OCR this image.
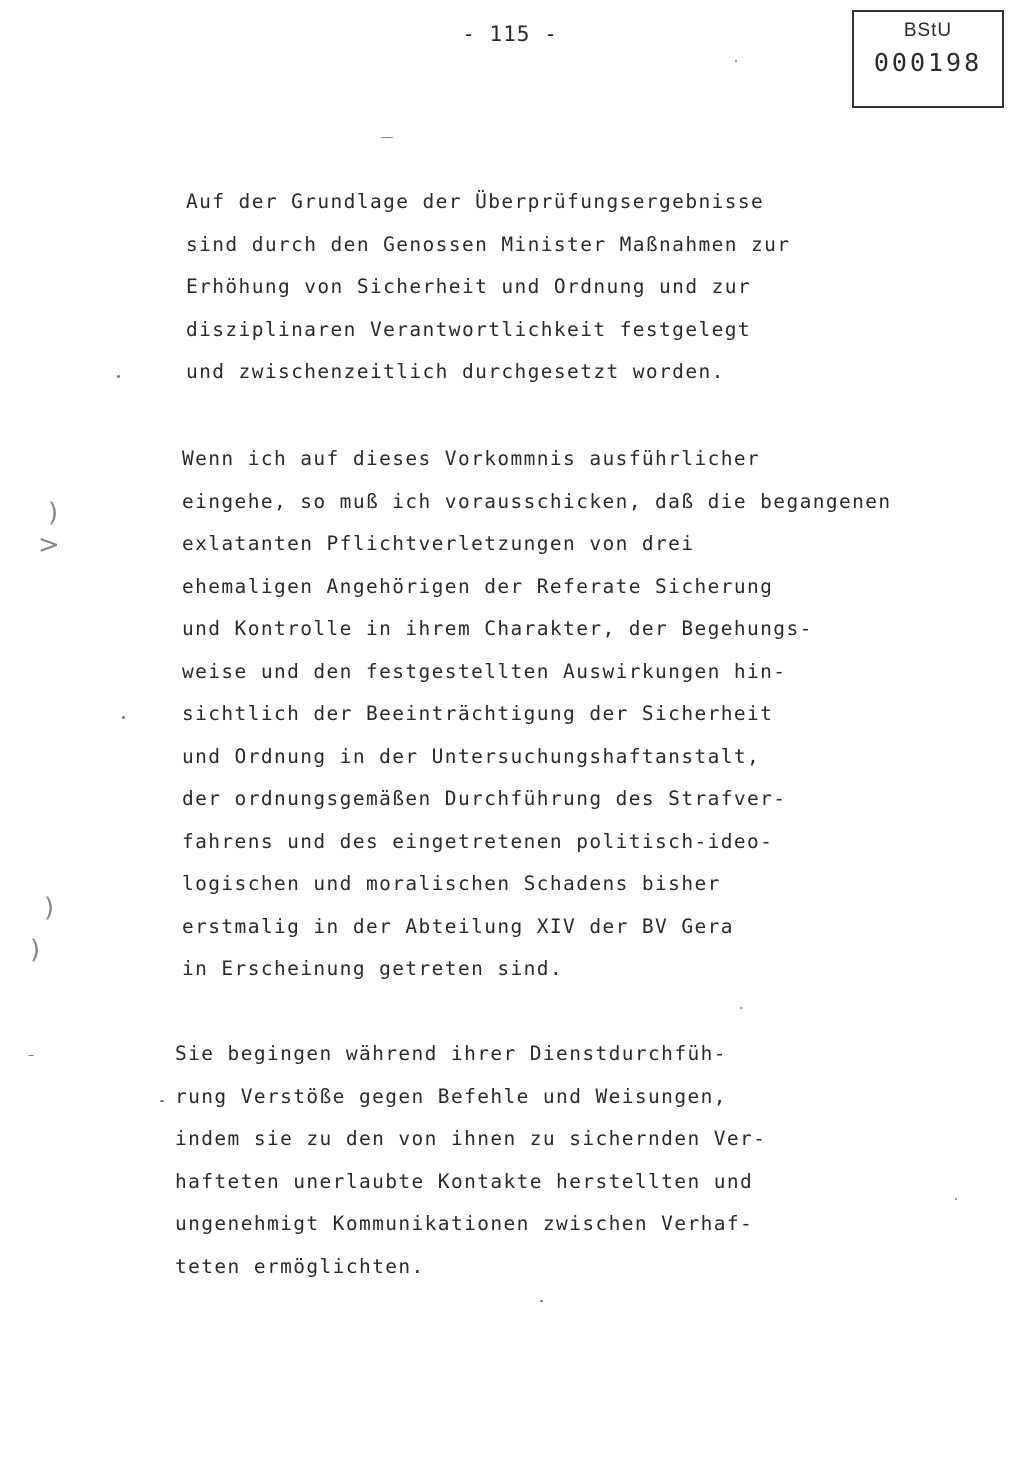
- 115 -	BStU
000198
Auf der Grundlage der Überprüfungsergebnisse
sind durch den Genossen Minister Maßnahmen zur
Erhöhung von Sicherheit und Ordnung und zur
disziplinaren Verantwortlichkeit festgelegt
und zwischenzeitlich durchgesetzt worden.
Wenn ich auf dieses Vorkommnis ausführlicher
eingehe, so muß ich vorausschicken, daß die begangenen
exlatanten Pflichtverletzungen von drei
ehemaligen Angehörigen der Referate Sicherung
und Kontrolle in ihrem Charakter, der Begehungs-
weise und den festgestellten Auswirkungen hin-
sichtlich der Beeinträchtigung der Sicherheit
und Ordnung in der Untersuchungshaftanstalt,
der ordnungsgemäßen Durchführung des Strafver-
fahrens und des eingetretenen politisch-ideo-
logischen und moralischen Schadens bisher
erstmalig in der Abteilung XIV der BV Gera
in Erscheinung getreten sind.
Sie begingen während ihrer Dienstdurchfüh-
rung Verstöße gegen Befehle und Weisungen,
indem sie zu den von ihnen zu sichernden Ver-
hafteten unerlaubte Kontakte herstellten und
ungenehmigt Kommunikationen zwischen Verhaf-
teten ermöglichten.
)
>
)
)
